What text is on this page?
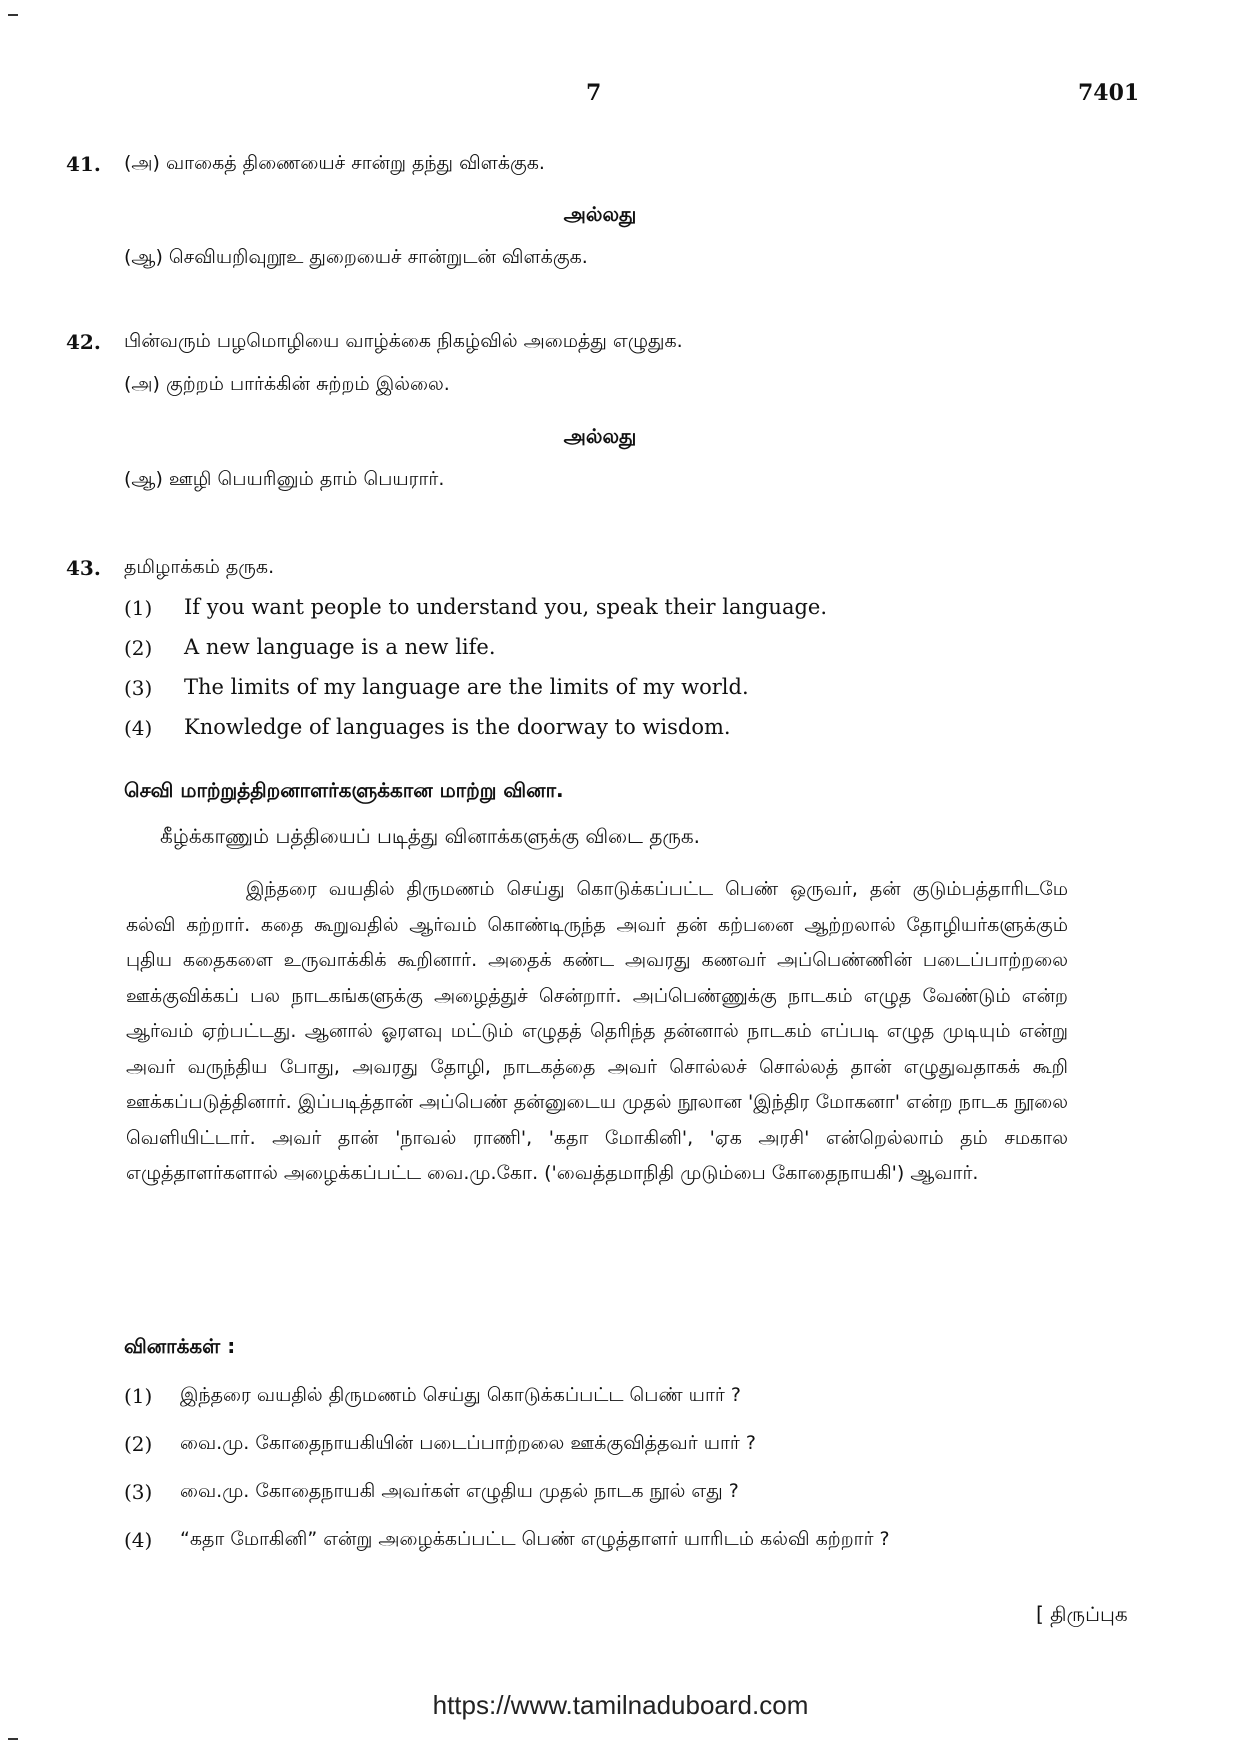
7	7401
41. (அ) வாகைத் திணையைச் சான்று தந்து விளக்குக.
அல்லது
(ஆ) செவியறிவுறூஉ துறையைச் சான்றுடன் விளக்குக.
42. பின்வரும் பழமொழியை வாழ்க்கை நிகழ்வில் அமைத்து எழுதுக.
(அ) குற்றம் பார்க்கின் சுற்றம் இல்லை.
அல்லது
(ஆ) ஊழி பெயரினும் தாம் பெயரார்.
43. தமிழாக்கம் தருக.
(1) If you want people to understand you, speak their language.
(2) A new language is a new life.
(3) The limits of my language are the limits of my world.
(4) Knowledge of languages is the doorway to wisdom.
செவி மாற்றுத்திறனாளர்களுக்கான மாற்று வினா.
கீழ்க்காணும் பத்தியைப் படித்து வினாக்களுக்கு விடை தருக.
இந்தரை வயதில் திருமணம் செய்து கொடுக்கப்பட்ட பெண் ஒருவர், தன் குடும்பத்தாரிடமே கல்வி கற்றார். கதை கூறுவதில் ஆர்வம் கொண்டிருந்த அவர் தன் கற்பனை ஆற்றலால் தோழியர்களுக்கும் புதிய கதைகளை உருவாக்கிக் கூறினார். அதைக் கண்ட அவரது கணவர் அப்பெண்ணின் படைப்பாற்றலை ஊக்குவிக்கப் பல நாடகங்களுக்கு அழைத்துச் சென்றார். அப்பெண்ணுக்கு நாடகம் எழுத வேண்டும் என்ற ஆர்வம் ஏற்பட்டது. ஆனால் ஓரளவு மட்டும் எழுதத் தெரிந்த தன்னால் நாடகம் எப்படி எழுத முடியும் என்று அவர் வருந்திய போது, அவரது தோழி, நாடகத்தை அவர் சொல்லச் சொல்லத் தான் எழுதுவதாகக் கூறி ஊக்கப்படுத்தினார். இப்படித்தான் அப்பெண் தன்னுடைய முதல் நூலான 'இந்திர மோகனா' என்ற நாடக நூலை வெளியிட்டார். அவர் தான் 'நாவல் ராணி', 'கதா மோகினி', 'ஏக அரசி' என்றெல்லாம் தம் சமகால எழுத்தாளர்களால் அழைக்கப்பட்ட வை.மு.கோ. ('வைத்தமாநிதி முடும்பை கோதைநாயகி') ஆவார்.
வினாக்கள் :
(1) இந்தரை வயதில் திருமணம் செய்து கொடுக்கப்பட்ட பெண் யார் ?
(2) வை.மு. கோதைநாயகியின் படைப்பாற்றலை ஊக்குவித்தவர் யார் ?
(3) வை.மு. கோதைநாயகி அவர்கள் எழுதிய முதல் நாடக நூல் எது ?
(4) “கதா மோகினி” என்று அழைக்கப்பட்ட பெண் எழுத்தாளர் யாரிடம் கல்வி கற்றார் ?
[ திருப்புக
https://www.tamilnaduboard.com
